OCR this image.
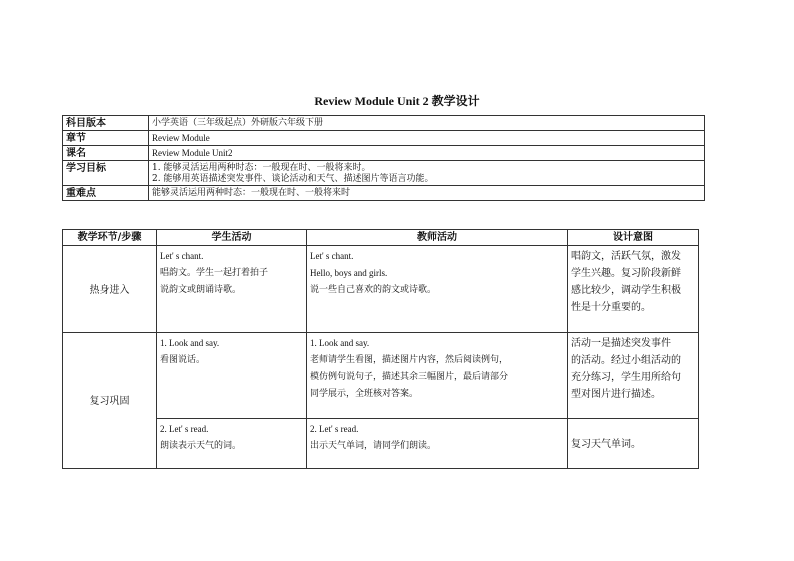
Review Module Unit 2 教学设计
科目版本	小学英语（三年级起点）外研版六年级下册

章节	Review Module

课名	Review Module Unit2

学习目标	1. 能够灵活运用两种时态：一般现在时、一般将来时。
2. 能够用英语描述突发事件、谈论活动和天气、描述图片等语言功能。

重难点	能够灵活运用两种时态：一般现在时、一般将来时
教学环节/步骤	学生活动	教师活动	设计意图
热身进入	Let' s chant.
唱韵文。学生一起打着拍子
说韵文或朗诵诗歌。	Let' s chant.
Hello, boys and girls.
说一些自己喜欢的韵文或诗歌。	唱韵文，活跃气氛，激发
学生兴趣。复习阶段新鲜
感比较少，调动学生积极
性是十分重要的。

复习巩固	1. Look and say.
看图说话。	1. Look and say.
老师请学生看图，描述图片内容，然后阅读例句，
模仿例句说句子，描述其余三幅图片，最后请部分
同学展示，全班核对答案。	活动一是描述突发事件
的活动。经过小组活动的
充分练习，学生用所给句
型对图片进行描述。

	2. Let' s read.
朗读表示天气的词。	2. Let' s read.
出示天气单词，请同学们朗读。	复习天气单词。
